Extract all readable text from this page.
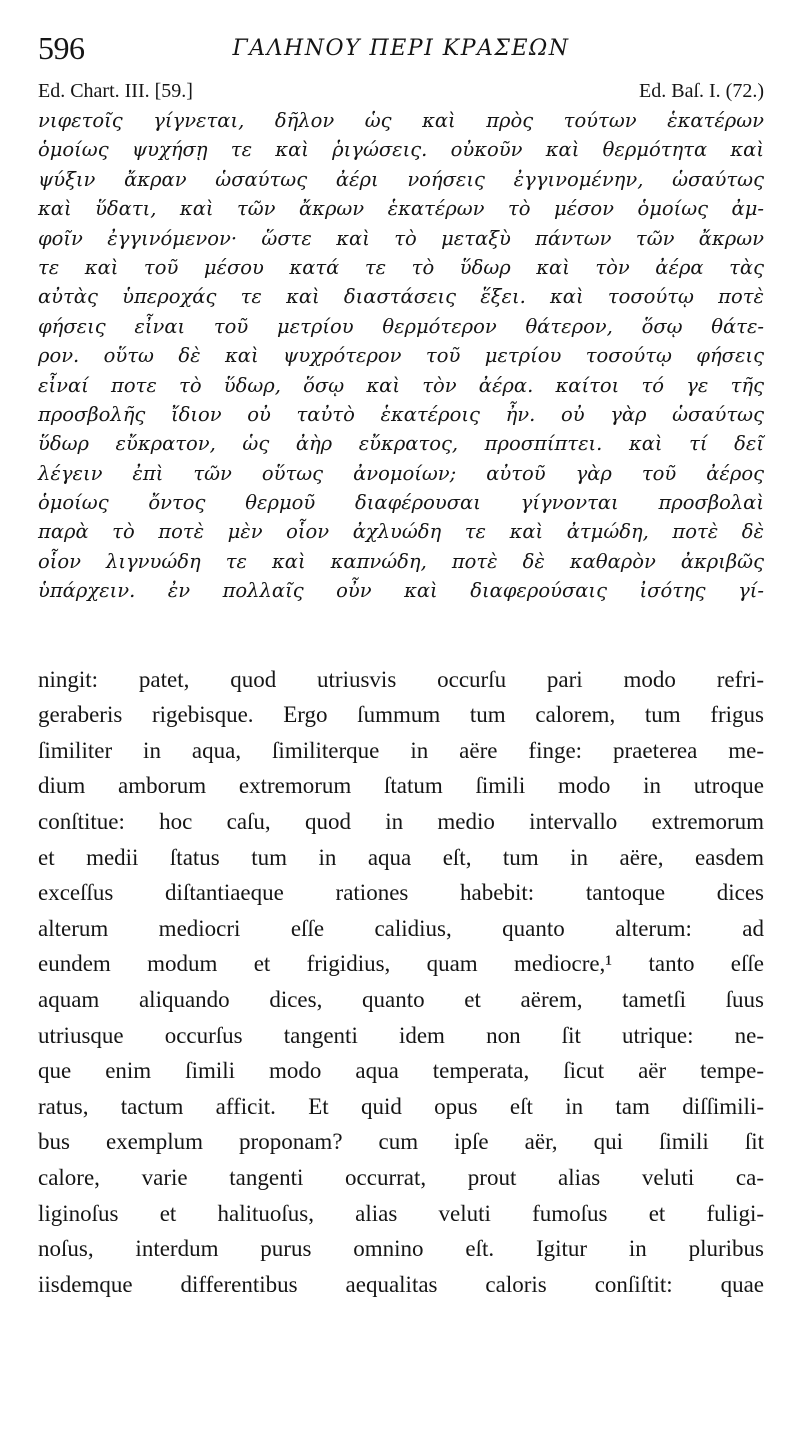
596	ΓΑΛΗΝΟΥ ΠΕΡΙ ΚΡΑΣΕΩΝ
Ed. Chart. III. [59.]	Ed. Baſ. I. (72.)
νιφετοῖς γίγνεται, δῆλον ὡς καὶ πρὸς τούτων ἑκατέρων
ὁμοίως ψυχήσῃ τε καὶ ῥιγώσεις. οὐκοῦν καὶ θερμότητα καὶ
ψύξιν ἄκραν ὡσαύτως ἀέρι νοήσεις ἐγγινομένην, ὡσαύτως
καὶ ὕδατι, καὶ τῶν ἄκρων ἑκατέρων τὸ μέσον ὁμοίως ἀμ-
φοῖν ἐγγινόμενον· ὥστε καὶ τὸ μεταξὺ πάντων τῶν ἄκρων
τε καὶ τοῦ μέσου κατά τε τὸ ὕδωρ καὶ τὸν ἀέρα τὰς
αὐτὰς ὑπεροχάς τε καὶ διαστάσεις ἕξει. καὶ τοσούτῳ ποτὲ
φήσεις εἶναι τοῦ μετρίου θερμότερον θάτερον, ὅσῳ θάτε-
ρον. οὕτω δὲ καὶ ψυχρότερον τοῦ μετρίου τοσούτῳ φήσεις
εἶναί ποτε τὸ ὕδωρ, ὅσῳ καὶ τὸν ἀέρα. καίτοι τό γε τῆς
προσβολῆς ἴδιον οὐ ταὐτὸ ἑκατέροις ἦν. οὐ γὰρ ὡσαύτως
ὕδωρ εὔκρατον, ὡς ἀὴρ εὔκρατος, προσπίπτει. καὶ τί δεῖ
λέγειν ἐπὶ τῶν οὕτως ἀνομοίων; αὐτοῦ γὰρ τοῦ ἀέρος
ὁμοίως ὄντος θερμοῦ διαφέρουσαι γίγνονται προσβολαὶ
παρὰ τὸ ποτὲ μὲν οἷον ἀχλυώδη τε καὶ ἀτμώδη, ποτὲ δὲ
οἷον λιγνυώδη τε καὶ καπνώδη, ποτὲ δὲ καθαρὸν ἀκριβῶς
ὑπάρχειν. ἐν πολλαῖς οὖν καὶ διαφερούσαις ἰσότης γί-
ningit: patet, quod utriusvis occurſu pari modo refri-
geraberis rigebisque. Ergo ſummum tum calorem, tum frigus
ſimiliter in aqua, ſimiliterque in aëre finge: praeterea me-
dium amborum extremorum ſtatum ſimili modo in utroque
conſtitue: hoc caſu, quod in medio intervallo extremorum
et medii ſtatus tum in aqua eſt, tum in aëre, easdem
exceſſus diſtantiaeque rationes habebit: tantoque dices
alterum mediocri eſſe calidius, quanto alterum: ad
eundem modum et frigidius, quam mediocre,¹ tanto eſſe
aquam aliquando dices, quanto et aërem, tametſi ſuus
utriusque occurſus tangenti idem non ſit utrique: ne-
que enim ſimili modo aqua temperata, ſicut aër tempe-
ratus, tactum afficit. Et quid opus eſt in tam diſſimili-
bus exemplum proponam? cum ipſe aër, qui ſimili ſit
calore, varie tangenti occurrat, prout alias veluti ca-
liginoſus et halituoſus, alias veluti fumoſus et fuligi-
noſus, interdum purus omnino eſt. Igitur in pluribus
iisdemque differentibus aequalitas caloris conſiſtit: quae
